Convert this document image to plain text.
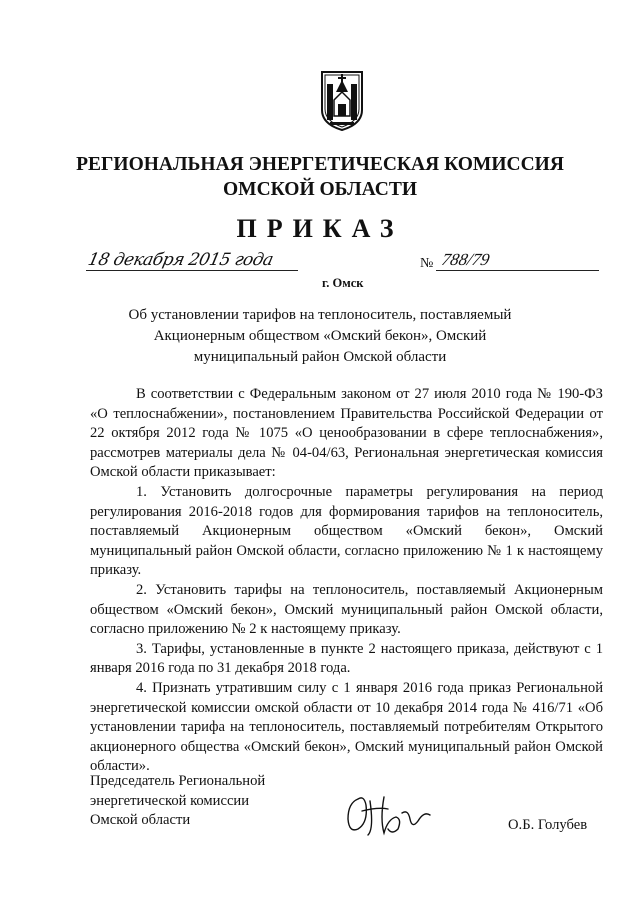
РЕГИОНАЛЬНАЯ ЭНЕРГЕТИЧЕСКАЯ КОМИССИЯ
ОМСКОЙ ОБЛАСТИ
ПРИКАЗ
18 декабря 2015 года
г. Омск
№ 788/79
Об установлении тарифов на теплоноситель, поставляемый
Акционерным обществом «Омский бекон», Омский
муниципальный район Омской области

В соответствии с Федеральным законом от 27 июля 2010 года № 190-ФЗ «О теплоснабжении», постановлением Правительства Российской Федерации от 22 октября 2012 года № 1075 «О ценообразовании в сфере теплоснабжения», рассмотрев материалы дела № 04-04/63, Региональная энергетическая комиссия Омской области приказывает:

1. Установить долгосрочные параметры регулирования на период регулирования 2016-2018 годов для формирования тарифов на теплоноситель, поставляемый Акционерным обществом «Омский бекон», Омский муниципальный район Омской области, согласно приложению № 1 к настоящему приказу.

2. Установить тарифы на теплоноситель, поставляемый Акционерным обществом «Омский бекон», Омский муниципальный район Омской области, согласно приложению № 2 к настоящему приказу.

3. Тарифы, установленные в пункте 2 настоящего приказа, действуют с 1 января 2016 года по 31 декабря 2018 года.

4. Признать утратившим силу с 1 января 2016 года приказ Региональной энергетической комиссии омской области от 10 декабря 2014 года № 416/71 «Об установлении тарифа на теплоноситель, поставляемый потребителям Открытого акционерного общества «Омский бекон», Омский муниципальный район Омской области».

Председатель Региональной
энергетической комиссии
Омской области	О.Б. Голубев
